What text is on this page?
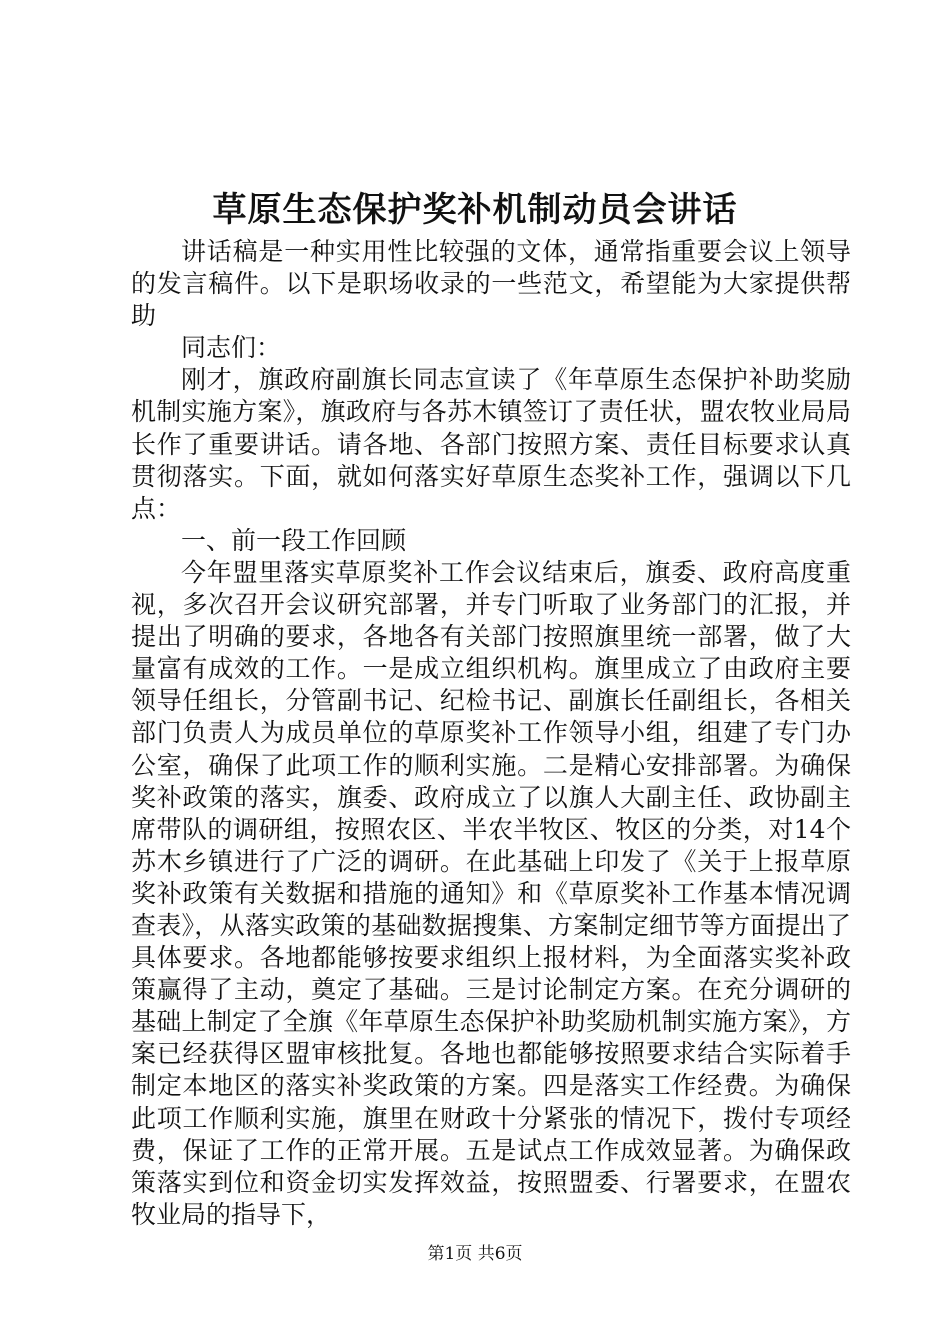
草原生态保护奖补机制动员会讲话

讲话稿是一种实用性比较强的文体，通常指重要会议上领导的发言稿件。以下是职场收录的一些范文，希望能为大家提供帮助

同志们：

刚才，旗政府副旗长同志宣读了《年草原生态保护补助奖励机制实施方案》，旗政府与各苏木镇签订了责任状，盟农牧业局局长作了重要讲话。请各地、各部门按照方案、责任目标要求认真贯彻落实。下面，就如何落实好草原生态奖补工作，强调以下几点：

一、前一段工作回顾

今年盟里落实草原奖补工作会议结束后，旗委、政府高度重视，多次召开会议研究部署，并专门听取了业务部门的汇报，并提出了明确的要求，各地各有关部门按照旗里统一部署，做了大量富有成效的工作。一是成立组织机构。旗里成立了由政府主要领导任组长，分管副书记、纪检书记、副旗长任副组长，各相关部门负责人为成员单位的草原奖补工作领导小组，组建了专门办公室，确保了此项工作的顺利实施。二是精心安排部署。为确保奖补政策的落实，旗委、政府成立了以旗人大副主任、政协副主席带队的调研组，按照农区、半农半牧区、牧区的分类，对14个苏木乡镇进行了广泛的调研。在此基础上印发了《关于上报草原奖补政策有关数据和措施的通知》和《草原奖补工作基本情况调查表》，从落实政策的基础数据搜集、方案制定细节等方面提出了具体要求。各地都能够按要求组织上报材料，为全面落实奖补政策赢得了主动，奠定了基础。三是讨论制定方案。在充分调研的基础上制定了全旗《年草原生态保护补助奖励机制实施方案》，方案已经获得区盟审核批复。各地也都能够按照要求结合实际着手制定本地区的落实补奖政策的方案。四是落实工作经费。为确保此项工作顺利实施，旗里在财政十分紧张的情况下，拨付专项经费，保证了工作的正常开展。五是试点工作成效显著。为确保政策落实到位和资金切实发挥效益，按照盟委、行署要求，在盟农牧业局的指导下，

第1页 共6页
